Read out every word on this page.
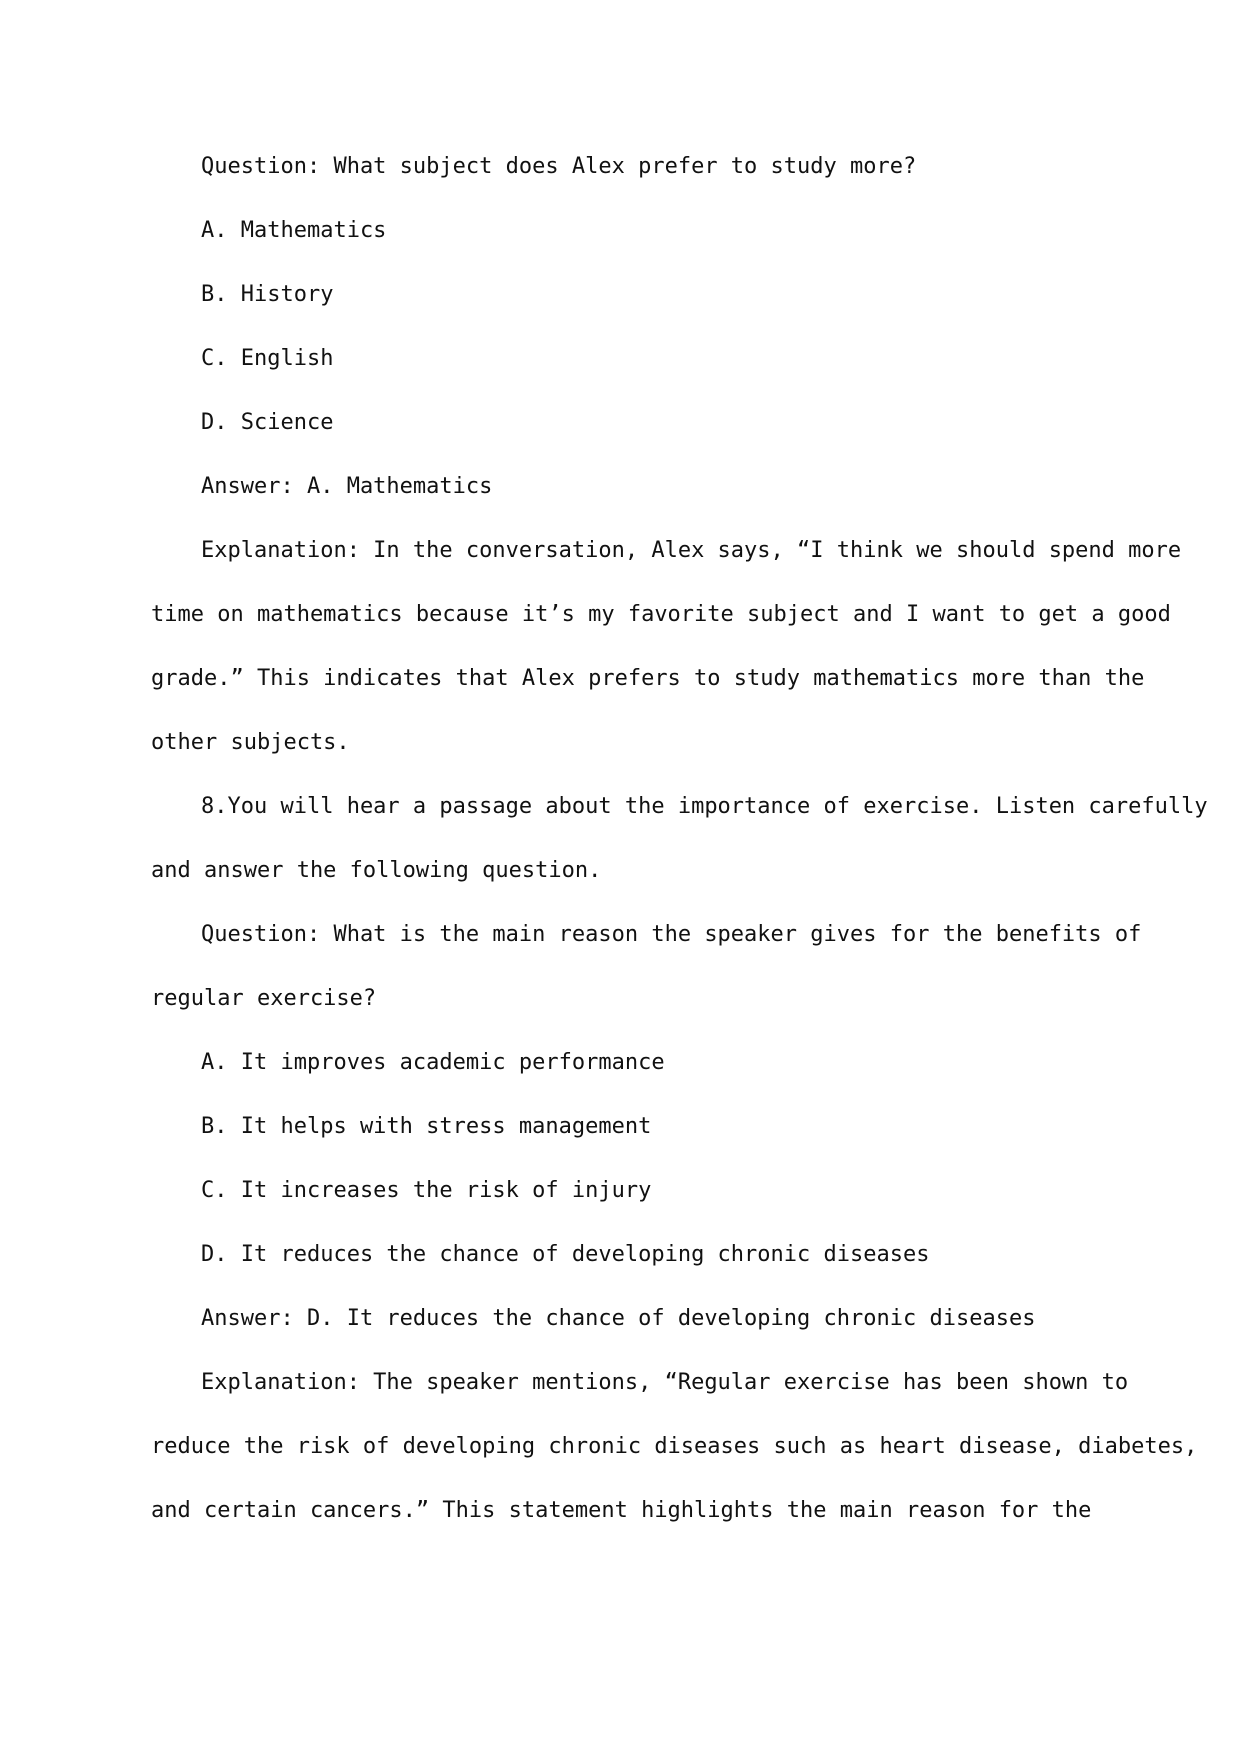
Question: What subject does Alex prefer to study more?

A. Mathematics

B. History

C. English

D. Science

Answer: A. Mathematics

Explanation: In the conversation, Alex says, “I think we should spend more

time on mathematics because it’s my favorite subject and I want to get a good

grade.” This indicates that Alex prefers to study mathematics more than the

other subjects.

8.You will hear a passage about the importance of exercise. Listen carefully

and answer the following question.

Question: What is the main reason the speaker gives for the benefits of

regular exercise?

A. It improves academic performance

B. It helps with stress management

C. It increases the risk of injury

D. It reduces the chance of developing chronic diseases

Answer: D. It reduces the chance of developing chronic diseases

Explanation: The speaker mentions, “Regular exercise has been shown to

reduce the risk of developing chronic diseases such as heart disease, diabetes,

and certain cancers.” This statement highlights the main reason for the
